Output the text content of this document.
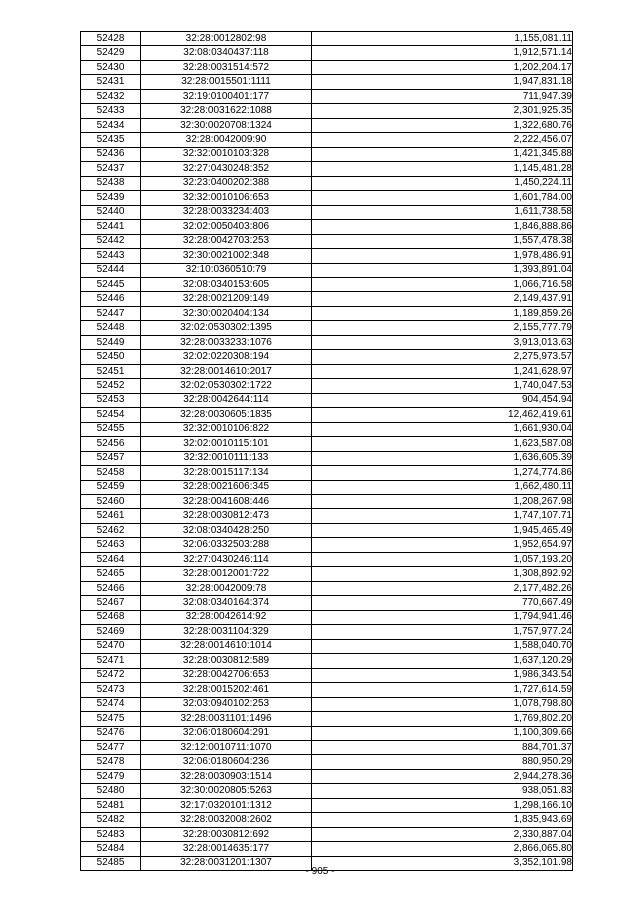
52428	32:28:0012802:98	1,155,081.11
52429	32:08:0340437:118	1,912,571.14
52430	32:28:0031514:572	1,202,204.17
52431	32:28:0015501:1111	1,947,831.18
52432	32:19:0100401:177	711,947.39
52433	32:28:0031622:1088	2,301,925.35
52434	32:30:0020708:1324	1,322,680.76
52435	32:28:0042009:90	2,222,456.07
52436	32:32:0010103:328	1,421,345.88
52437	32:27:0430248:352	1,145,481.28
52438	32:23:0400202:388	1,450,224.11
52439	32:32:0010106:653	1,601,784.00
52440	32:28:0033234:403	1,611,738.58
52441	32:02:0050403:806	1,846,888.86
52442	32:28:0042703:253	1,557,478.38
52443	32:30:0021002:348	1,978,486.91
52444	32:10:0360510:79	1,393,891.04
52445	32:08:0340153:605	1,066,716.58
52446	32:28:0021209:149	2,149,437.91
52447	32:30:0020404:134	1,189,859.26
52448	32:02:0530302:1395	2,155,777.79
52449	32:28:0033233:1076	3,913,013.63
52450	32:02:0220308:194	2,275,973.57
52451	32:28:0014610:2017	1,241,628.97
52452	32:02:0530302:1722	1,740,047.53
52453	32:28:0042644:114	904,454.94
52454	32:28:0030605:1835	12,462,419.61
52455	32:32:0010106:822	1,661,930.04
52456	32:02:0010115:101	1,623,587.08
52457	32:32:0010111:133	1,636,605.39
52458	32:28:0015117:134	1,274,774.86
52459	32:28:0021606:345	1,662,480.11
52460	32:28:0041608:446	1,208,267.98
52461	32:28:0030812:473	1,747,107.71
52462	32:08:0340428:250	1,945,465.49
52463	32:06:0332503:288	1,952,654.97
52464	32:27:0430246:114	1,057,193.20
52465	32:28:0012001:722	1,308,892.92
52466	32:28:0042009:78	2,177,482.26
52467	32:08:0340164:374	770,667.49
52468	32:28:0042614:92	1,794,941.46
52469	32:28:0031104:329	1,757,977.24
52470	32:28:0014610:1014	1,588,040.70
52471	32:28:0030812:589	1,637,120.29
52472	32:28:0042706:653	1,986,343.54
52473	32:28:0015202:461	1,727,614.59
52474	32:03:0940102:253	1,078,798.80
52475	32:28:0031101:1496	1,769,802.20
52476	32:06:0180604:291	1,100,309.66
52477	32:12:0010711:1070	884,701.37
52478	32:06:0180604:236	880,950.29
52479	32:28:0030903:1514	2,944,278.36
52480	32:30:0020805:5263	938,051.83
52481	32:17:0320101:1312	1,298,166.10
52482	32:28:0032008:2602	1,835,943.69
52483	32:28:0030812:692	2,330,887.04
52484	32:28:0014635:177	2,866,065.80
52485	32:28:0031201:1307	3,352,101.98
- 905 -
